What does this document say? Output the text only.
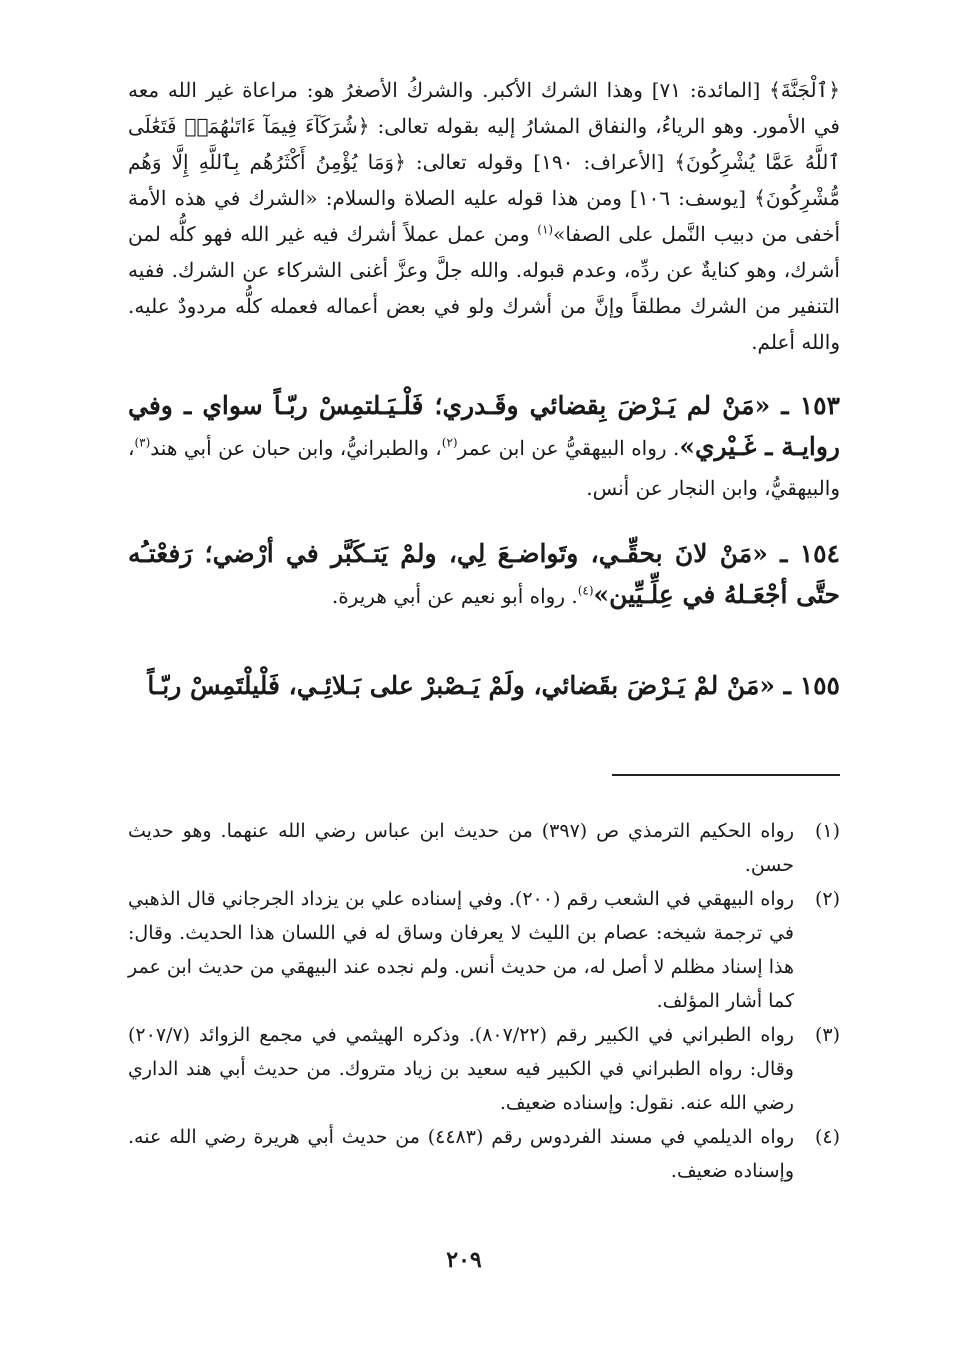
﴿ٱلْجَنَّةَ﴾ [المائدة: ٧١] وهذا الشرك الأكبر. والشركُ الأصغرُ هو: مراعاة غير الله معه في الأمور. وهو الرياءُ، والنفاق المشارُ إليه بقوله تعالى: ﴿شُرَكَآءَ فِيمَآ ءَاتَىٰهُمَاۚ فَتَعَٰلَى ٱللَّهُ عَمَّا يُشْرِكُونَ﴾ [الأعراف: ١٩٠] وقوله تعالى: ﴿وَمَا يُؤْمِنُ أَكْثَرُهُم بِٱللَّهِ إِلَّا وَهُم مُّشْرِكُونَ﴾ [يوسف: ١٠٦] ومن هذا قوله عليه الصلاة والسلام: «الشرك في هذه الأمة أخفى من دبيب النَّمل على الصفا»$^{(١)}$ ومن عمل عملاً أشرك فيه غير الله فهو كلُّه لمن أشرك، وهو كنايةٌ عن ردِّه، وعدم قبوله. والله جلَّ وعزَّ أغنى الشركاء عن الشرك. ففيه التنفير من الشرك مطلقاً وإنَّ من أشرك ولو في بعض أعماله فعمله كلُّه مردودٌ عليه. والله أعلم.

١٥٣ ـ «مَنْ لم يَـرْضَ بِقضائي وقَـدري؛ فَلْـيَـلتمِسْ ربّـاً سواي ـ وفي روايـة ـ غَـيْري». رواه البيهقيُّ عن ابن عمر$^{(٢)}$، والطبرانيُّ، وابن حبان عن أبي هند$^{(٣)}$، والبيهقيُّ، وابن النجار عن أنس.

١٥٤ ـ «مَنْ لانَ بحقِّـي، وتَواضـعَ لِي، ولمْ يَتـكَبَّر في أرْضي؛ رَفعْتـُه حتَّى أجْعَـلهُ في عِلِّـيِّين»$^{(٤)}$. رواه أبو نعيم عن أبي هريرة.

١٥٥ ـ «مَنْ لمْ يَـرْضَ بقَضائي، ولَمْ يَـصْبرْ على بَـلائِـي، فَلْيلْتَمِسْ ربّـاً

(١)
رواه الحكيم الترمذي ص (٣٩٧) من حديث ابن عباس رضي الله عنهما. وهو حديث حسن.
(٢)
رواه البيهقي في الشعب رقم (٢٠٠). وفي إسناده علي بن يزداد الجرجاني قال الذهبي في ترجمة شيخه: عصام بن الليث لا يعرفان وساق له في اللسان هذا الحديث. وقال: هذا إسناد مظلم لا أصل له، من حديث أنس. ولم نجده عند البيهقي من حديث ابن عمر كما أشار المؤلف.
(٣)
رواه الطبراني في الكبير رقم (٨٠٧/٢٢). وذكره الهيثمي في مجمع الزوائد (٢٠٧/٧) وقال: رواه الطبراني في الكبير فيه سعيد بن زياد متروك. من حديث أبي هند الداري رضي الله عنه. نقول: وإسناده ضعيف.
(٤)
رواه الديلمي في مسند الفردوس رقم (٤٤٨٣) من حديث أبي هريرة رضي الله عنه. وإسناده ضعيف.
٢٠٩
